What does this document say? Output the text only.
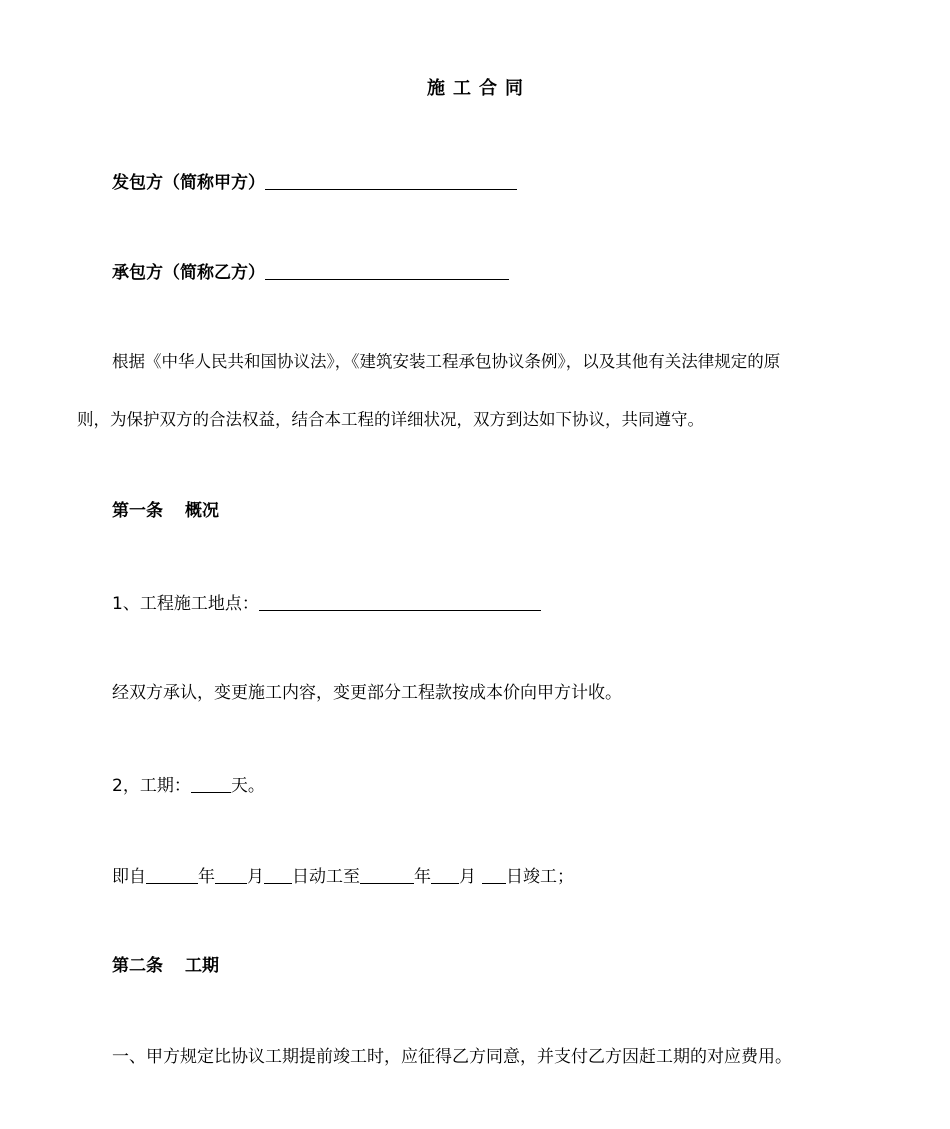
施工合同
发包方（简称甲方）
承包方（简称乙方）
根据《中华人民共和国协议法》，《建筑安装工程承包协议条例》，以及其他有关法律规定的原
则，为保护双方的合法权益，结合本工程的详细状况，双方到达如下协议，共同遵守。
第一条 概况
1、工程施工地点：
经双方承认，变更施工内容，变更部分工程款按成本价向甲方计收。
2，工期： 天。
即自	年 月 日动工至	年 月 日竣工；
第二条 工期
一、甲方规定比协议工期提前竣工时，应征得乙方同意，并支付乙方因赶工期的对应费用。
